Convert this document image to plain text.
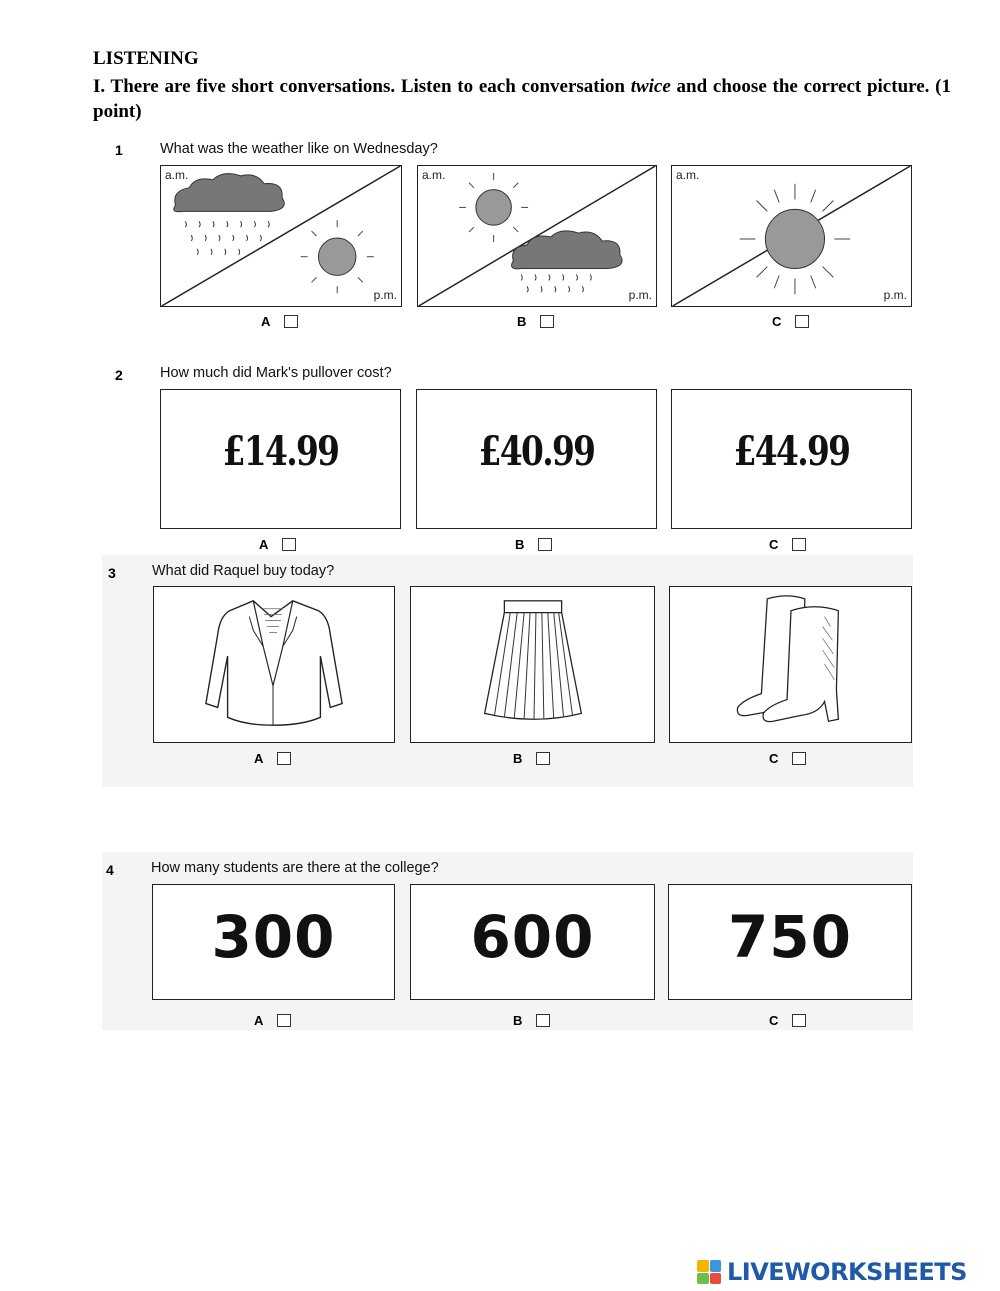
LISTENING
I. There are five short conversations. Listen to each conversation twice and choose the correct picture. (1 point)
1	What was the weather like on Wednesday?
a.m.
p.m.
a.m.
p.m.
a.m.
p.m.
A	B	C
2	How much did Mark's pullover cost?
£14.99	£40.99	£44.99
A	B	C
3 What did Raquel buy today?
A	B	C
4	How many students are there at the college?
300	600	750
A	B	C
LIVEWORKSHEETS
